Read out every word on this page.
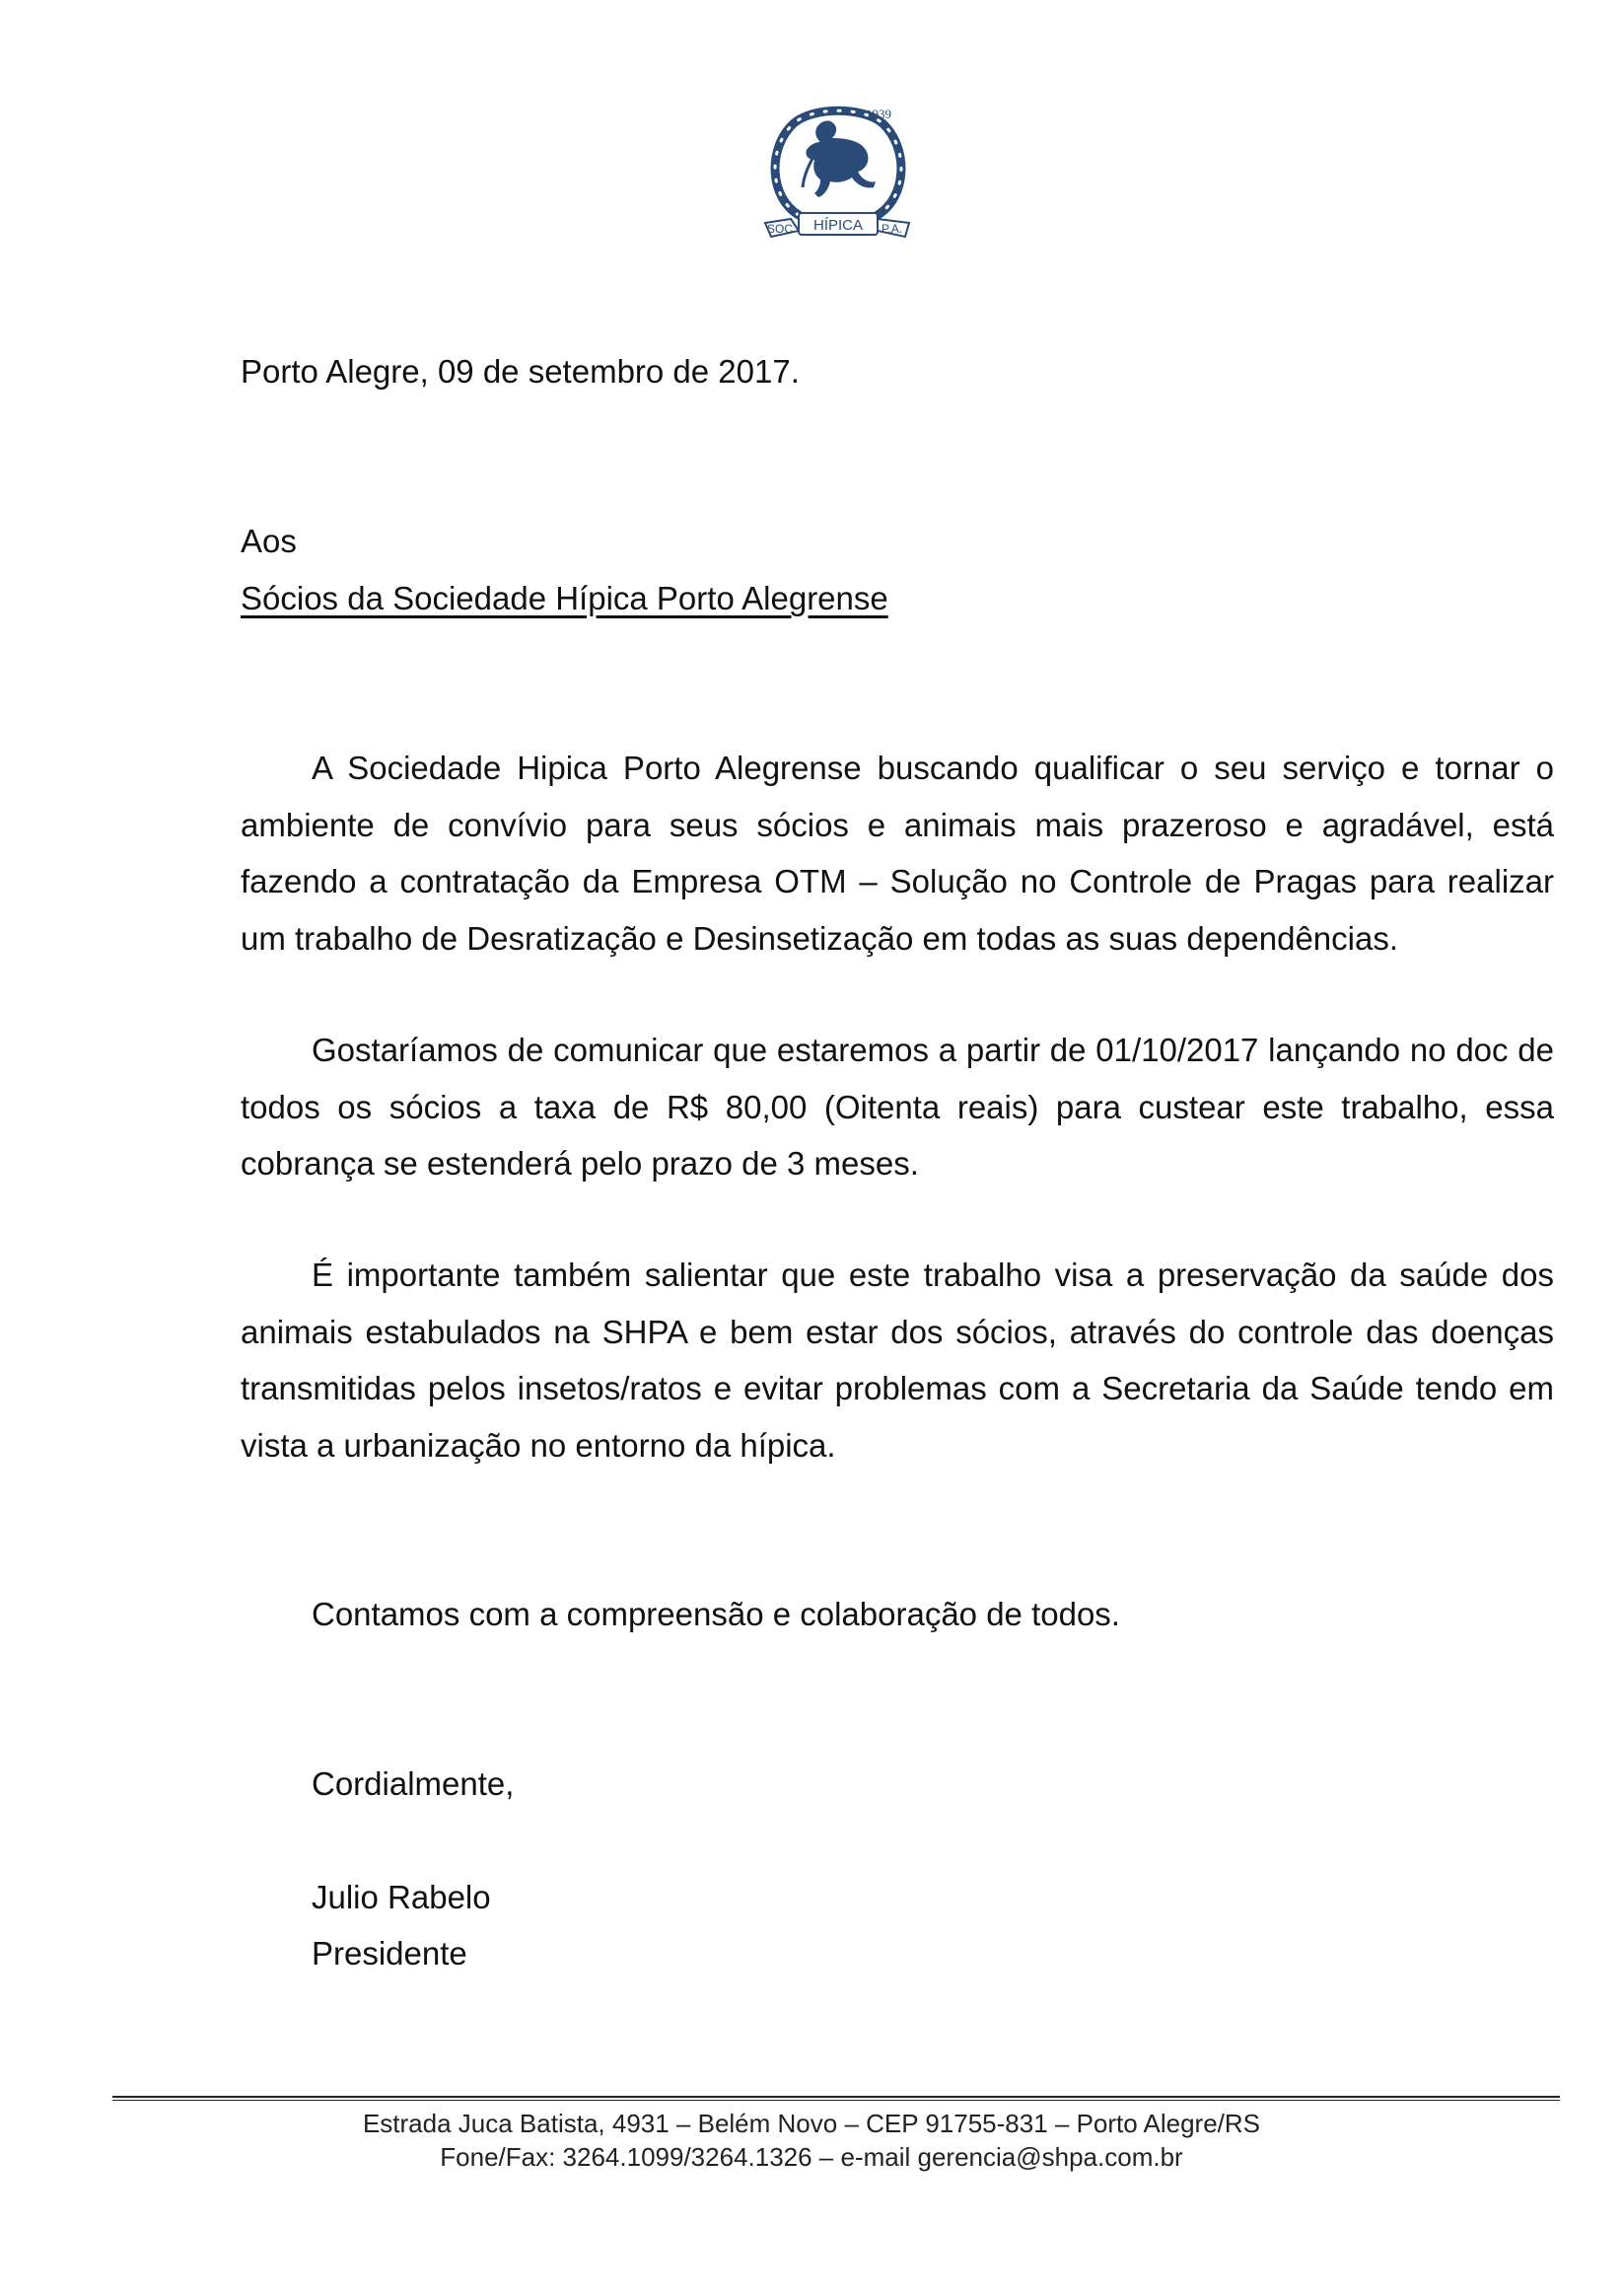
1939
SOC HÍPICA P.A.
Porto Alegre, 09 de setembro de 2017.
Aos
Sócios da Sociedade Hípica Porto Alegrense

A Sociedade Hipica Porto Alegrense buscando qualificar o seu serviço e tornar o ambiente de convívio para seus sócios e animais mais prazeroso e agradável, está fazendo a contratação da Empresa OTM – Solução no Controle de Pragas para realizar um trabalho de Desratização e Desinsetização em todas as suas dependências.

Gostaríamos de comunicar que estaremos a partir de 01/10/2017 lançando no doc de todos os sócios a taxa de R$ 80,00 (Oitenta reais) para custear este trabalho, essa cobrança se estenderá pelo prazo de 3 meses.

É importante também salientar que este trabalho visa a preservação da saúde dos animais estabulados na SHPA e bem estar dos sócios, através do controle das doenças transmitidas pelos insetos/ratos e evitar problemas com a Secretaria da Saúde tendo em vista a urbanização no entorno da hípica.

Contamos com a compreensão e colaboração de todos.
Cordialmente,
Julio Rabelo
Presidente
Estrada Juca Batista, 4931 – Belém Novo – CEP 91755-831 – Porto Alegre/RS
Fone/Fax: 3264.1099/3264.1326 – e-mail gerencia@shpa.com.br
